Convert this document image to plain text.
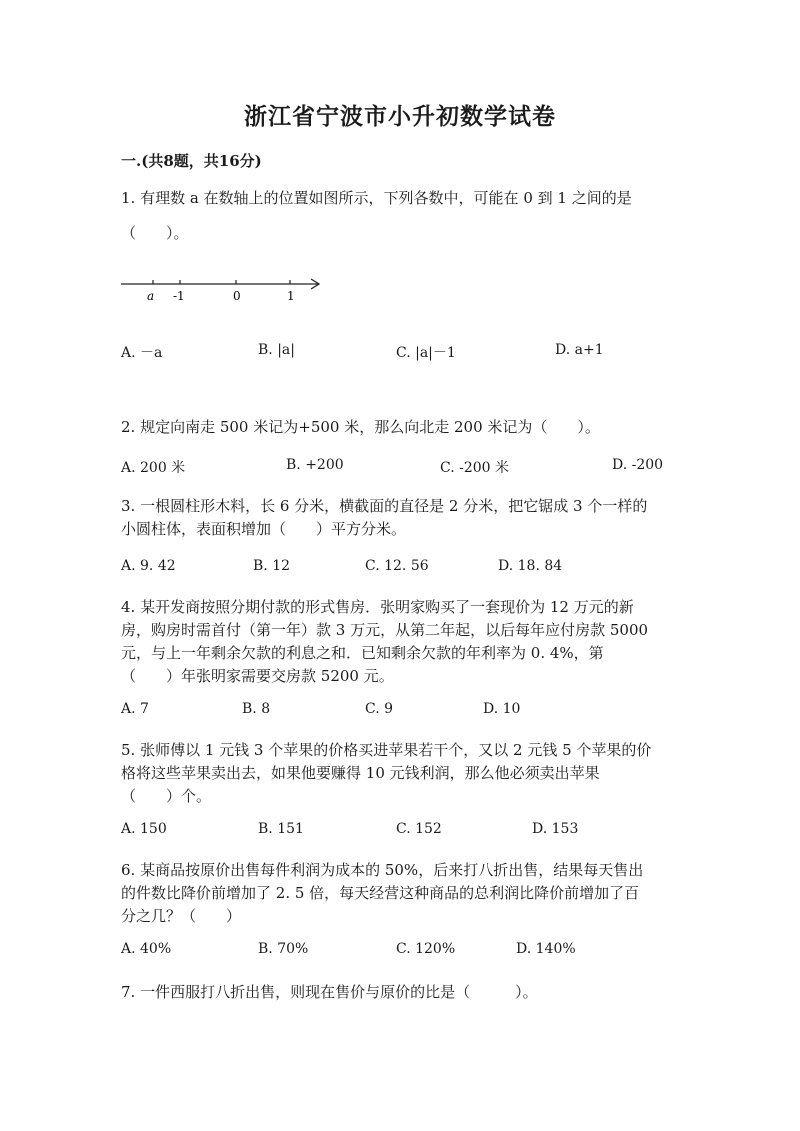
浙江省宁波市小升初数学试卷
一.(共8题，共16分)
1. 有理数 a 在数轴上的位置如图所示，下列各数中，可能在 0 到 1 之间的是
（　　）。
a -1	0	1
A. －a	B. |a|	C. |a|－1	D. a+1
2. 规定向南走 500 米记为+500 米，那么向北走 200 米记为（　　）。
A. 200 米	B. +200	C. -200 米	D. -200
3. 一根圆柱形木料，长 6 分米，横截面的直径是 2 分米，把它锯成 3 个一样的
小圆柱体，表面积增加（　　）平方分米。
A. 9. 42	B. 12	C. 12. 56	D. 18. 84
4. 某开发商按照分期付款的形式售房．张明家购买了一套现价为 12 万元的新
房，购房时需首付（第一年）款 3 万元，从第二年起，以后每年应付房款 5000
元，与上一年剩余欠款的利息之和．已知剩余欠款的年利率为 0. 4%，第
（　　）年张明家需要交房款 5200 元。
A. 7	B. 8	C. 9	D. 10
5. 张师傅以 1 元钱 3 个苹果的价格买进苹果若干个，又以 2 元钱 5 个苹果的价
格将这些苹果卖出去，如果他要赚得 10 元钱利润，那么他必须卖出苹果
（　　）个。
A. 150	B. 151	C. 152	D. 153
6. 某商品按原价出售每件利润为成本的 50%，后来打八折出售，结果每天售出
的件数比降价前增加了 2. 5 倍，每天经营这种商品的总利润比降价前增加了百
分之几？（　　）
A. 40%	B. 70%	C. 120%	D. 140%
7. 一件西服打八折出售，则现在售价与原价的比是（　　　）。
